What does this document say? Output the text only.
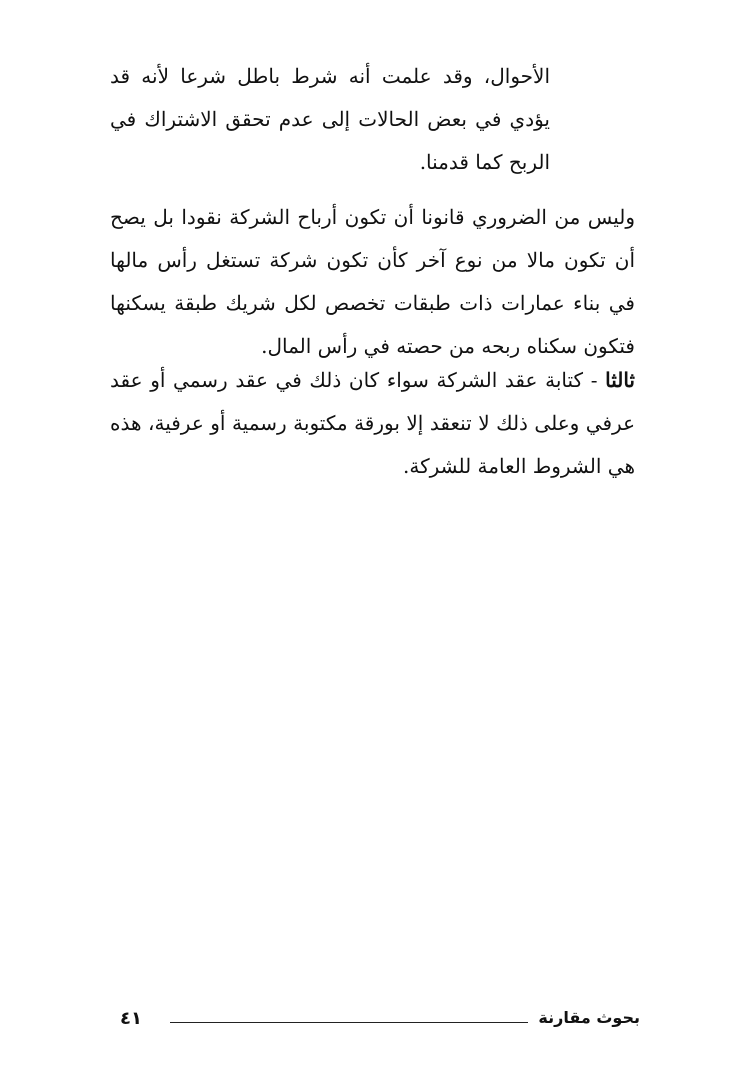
الأحوال، وقد علمت أنه شرط باطل شرعا لأنه قد يؤدي في بعض الحالات إلى عدم تحقق الاشتراك في الربح كما قدمنا.

وليس من الضروري قانونا أن تكون أرباح الشركة نقودا بل يصح أن تكون مالا من نوع آخر كأن تكون شركة تستغل رأس مالها في بناء عمارات ذات طبقات تخصص لكل شريك طبقة يسكنها فتكون سكناه ربحه من حصته في رأس المال.

ثالثا - كتابة عقد الشركة سواء كان ذلك في عقد رسمي أو عقد عرفي وعلى ذلك لا تنعقد إلا بورقة مكتوبة رسمية أو عرفية، هذه هي الشروط العامة للشركة.

بحوث مقارنة
٤١
